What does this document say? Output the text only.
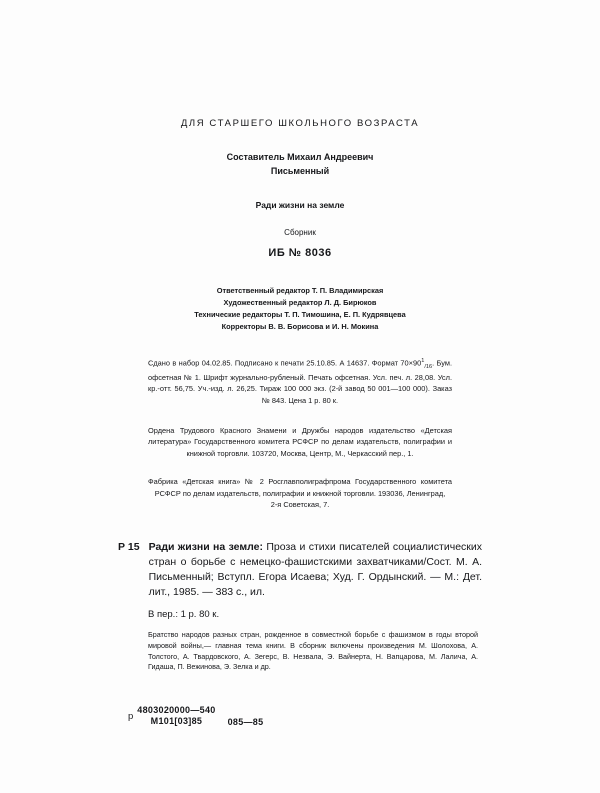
ДЛЯ СТАРШЕГО ШКОЛЬНОГО ВОЗРАСТА
Составитель Михаил Андреевич
Письменный
Ради жизни на земле
Сборник
ИБ № 8036
Ответственный редактор Т. П. Владимирская
Художественный редактор Л. Д. Бирюков
Технические редакторы Т. П. Тимошина, Е. П. Кудрявцева
Корректоры В. В. Борисова и И. Н. Мокина
Сдано в набор 04.02.85. Подписано к печати 25.10.85. А 14637. Формат $70\times 90^1_{/16}$. Бум. офсетная № 1. Шрифт журнально-рубленый. Печать офсетная. Усл. печ. л. 28,08. Усл. кр.-отт. 56,75. Уч.-изд. л. 26,25. Тираж 100 000 экз. (2-й завод 50 001—100 000). Заказ № 843. Цена 1 р. 80 к.
Ордена Трудового Красного Знамени и Дружбы народов издательство «Детская литература» Государственного комитета РСФСР по делам издательств, полиграфии и книжной торговли. 103720, Москва, Центр, М., Черкасский пер., 1.
Фабрика «Детская книга» № 2 Росглавполиграфпрома Государственного комитета РСФСР по делам издательств, полиграфии и книжной торговли. 193036, Ленинград,
2-я Советская, 7.
Р 15 Ради жизни на земле: Проза и стихи писателей социалистических стран о борьбе с немецко-фашистскими захватчиками/Сост. М. А. Письменный; Вступл. Егора Исаева; Худ. Г. Ордынский. — М.: Дет. лит., 1985. — 383 с., ил.
В пер.: 1 р. 80 к.
Братство народов разных стран, рожденное в совместной борьбе с фашизмом в годы второй мировой войны,— главная тема книги. В сборник включены произведения М. Шолохова, А. Толстого, А. Твардовского, А. Зегерс, В. Незвала, Э. Вайнерта, Н. Вапцарова, М. Лалича, А. Гидаша, П. Вежинова, Э. Зелка и др.
р
4803020000—540
М101[03]85	085—85
